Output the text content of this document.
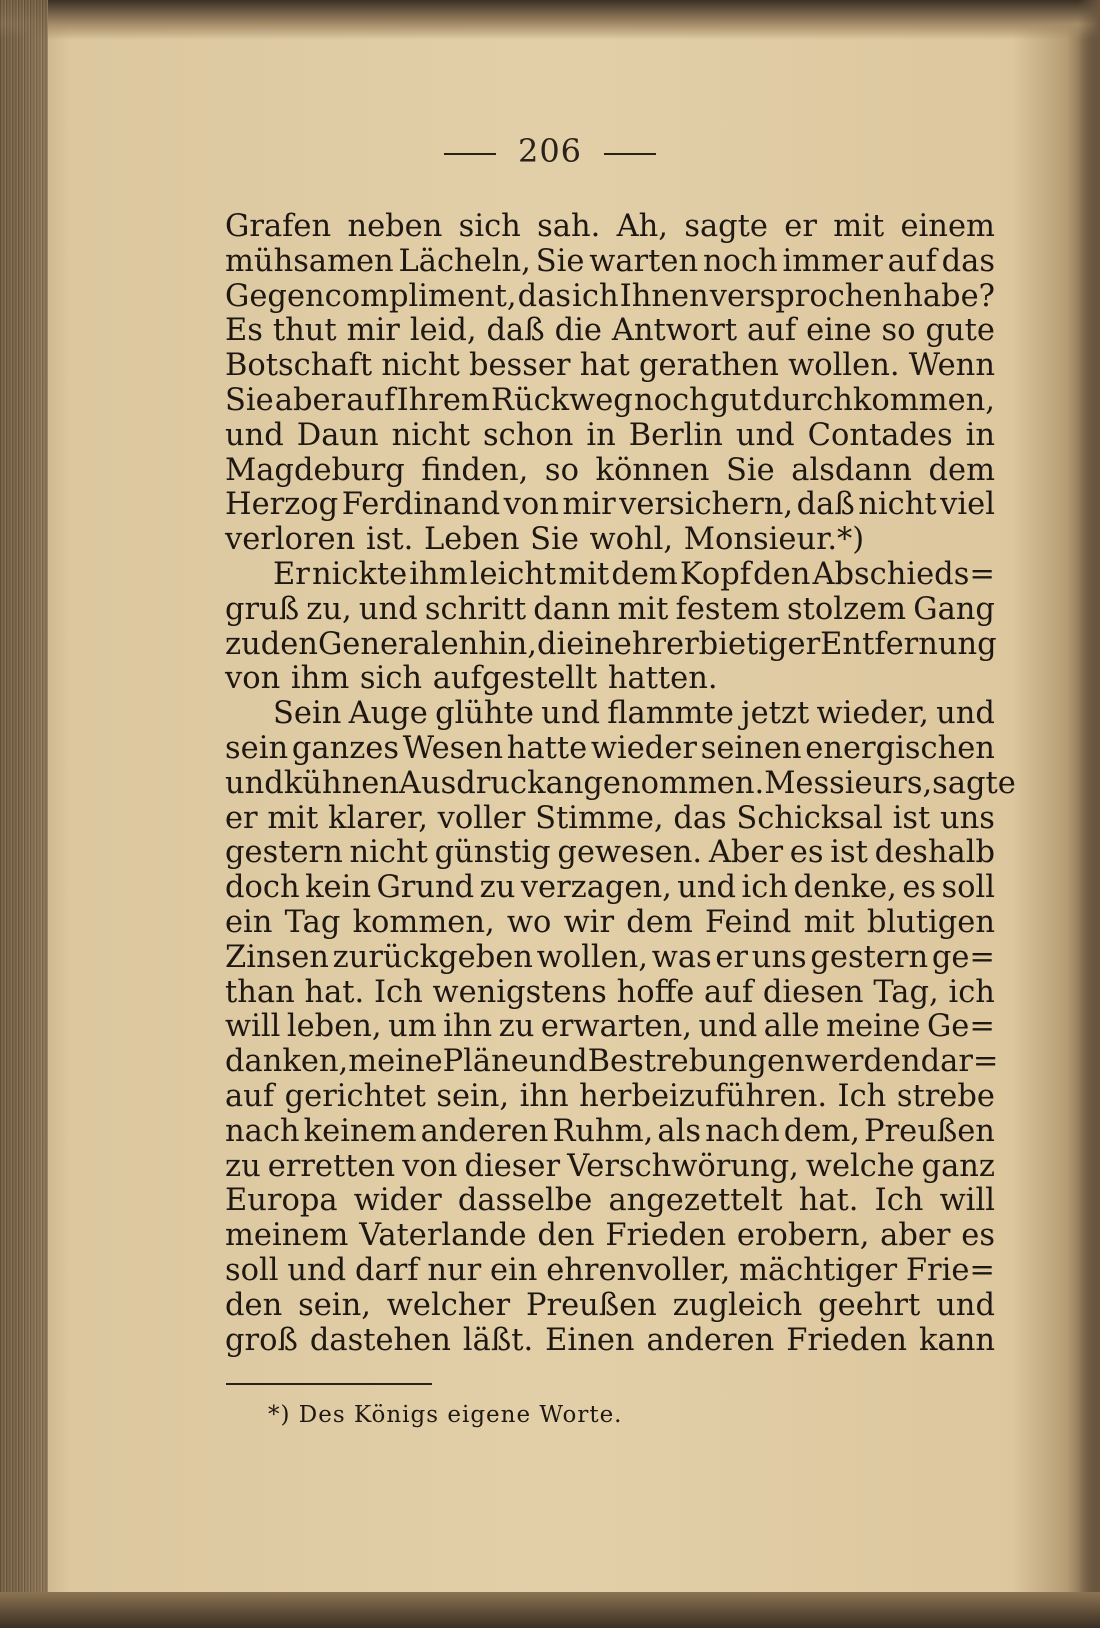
206
Grafen neben sich sah. Ah, sagte er mit einem
mühsamen Lächeln, Sie warten noch immer auf das
Gegencompliment, das ich Ihnen versprochen habe?
Es thut mir leid, daß die Antwort auf eine so gute
Botschaft nicht besser hat gerathen wollen. Wenn
Sie aber auf Ihrem Rückweg noch gut durchkommen,
und Daun nicht schon in Berlin und Contades in
Magdeburg finden, so können Sie alsdann dem
Herzog Ferdinand von mir versichern, daß nicht viel
verloren ist. Leben Sie wohl, Monsieur.*)
Er nickte ihm leicht mit dem Kopf den Abschieds=
gruß zu, und schritt dann mit festem stolzem Gang
zu den Generalen hin, die in ehrerbietiger Entfernung
von ihm sich aufgestellt hatten.
Sein Auge glühte und flammte jetzt wieder, und
sein ganzes Wesen hatte wieder seinen energischen
und kühnen Ausdruck angenommen. Messieurs, sagte
er mit klarer, voller Stimme, das Schicksal ist uns
gestern nicht günstig gewesen. Aber es ist deshalb
doch kein Grund zu verzagen, und ich denke, es soll
ein Tag kommen, wo wir dem Feind mit blutigen
Zinsen zurückgeben wollen, was er uns gestern ge=
than hat. Ich wenigstens hoffe auf diesen Tag, ich
will leben, um ihn zu erwarten, und alle meine Ge=
danken, meine Pläne und Bestrebungen werden dar=
auf gerichtet sein, ihn herbeizuführen. Ich strebe
nach keinem anderen Ruhm, als nach dem, Preußen
zu erretten von dieser Verschwörung, welche ganz
Europa wider dasselbe angezettelt hat. Ich will
meinem Vaterlande den Frieden erobern, aber es
soll und darf nur ein ehrenvoller, mächtiger Frie=
den sein, welcher Preußen zugleich geehrt und
groß dastehen läßt. Einen anderen Frieden kann
*) Des Königs eigene Worte.
